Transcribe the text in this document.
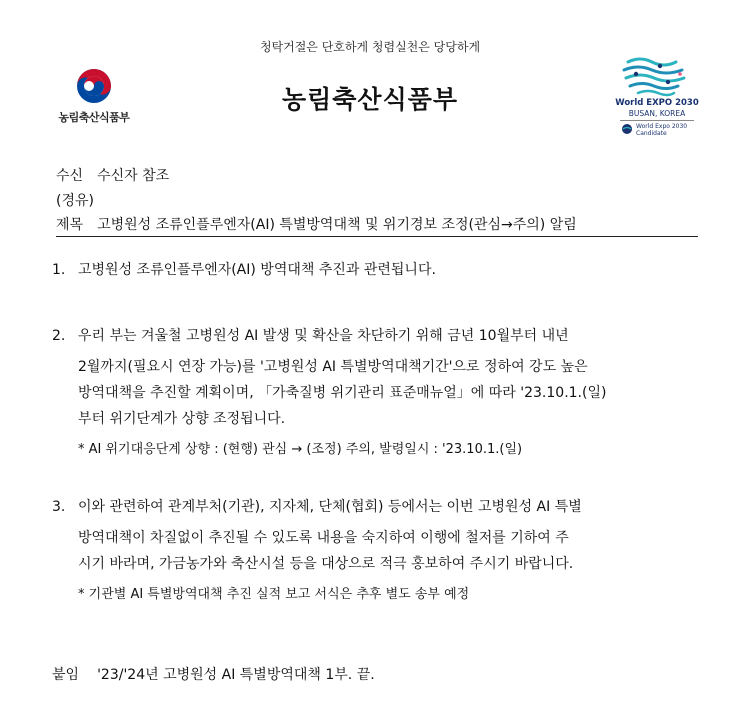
청탁거절은 단호하게 청렴실천은 당당하게
농림축산식품부
농림축산식품부	World EXPO 2030
BUSAN, KOREA
World Expo 2030
Candidate
수신 수신자 참조
(경유)
제목 고병원성 조류인플루엔자(AI) 특별방역대책 및 위기경보 조정(관심→주의) 알림
1. 고병원성 조류인플루엔자(AI) 방역대책 추진과 관련됩니다.
2. 우리 부는 겨울철 고병원성 AI 발생 및 확산을 차단하기 위해 금년 10월부터 내년
2월까지(필요시 연장 가능)를 '고병원성 AI 특별방역대책기간'으로 정하여 강도 높은
방역대책을 추진할 계획이며, 「가축질병 위기관리 표준매뉴얼」에 따라 '23.10.1.(일)
부터 위기단계가 상향 조정됩니다.
* AI 위기대응단계 상향 : (현행) 관심 → (조정) 주의, 발령일시 : '23.10.1.(일)
3. 이와 관련하여 관계부처(기관), 지자체, 단체(협회) 등에서는 이번 고병원성 AI 특별
방역대책이 차질없이 추진될 수 있도록 내용을 숙지하여 이행에 철저를 기하여 주
시기 바라며, 가금농가와 축산시설 등을 대상으로 적극 홍보하여 주시기 바랍니다.
* 기관별 AI 특별방역대책 추진 실적 보고 서식은 추후 별도 송부 예정
붙임 '23/'24년 고병원성 AI 특별방역대책 1부. 끝.
